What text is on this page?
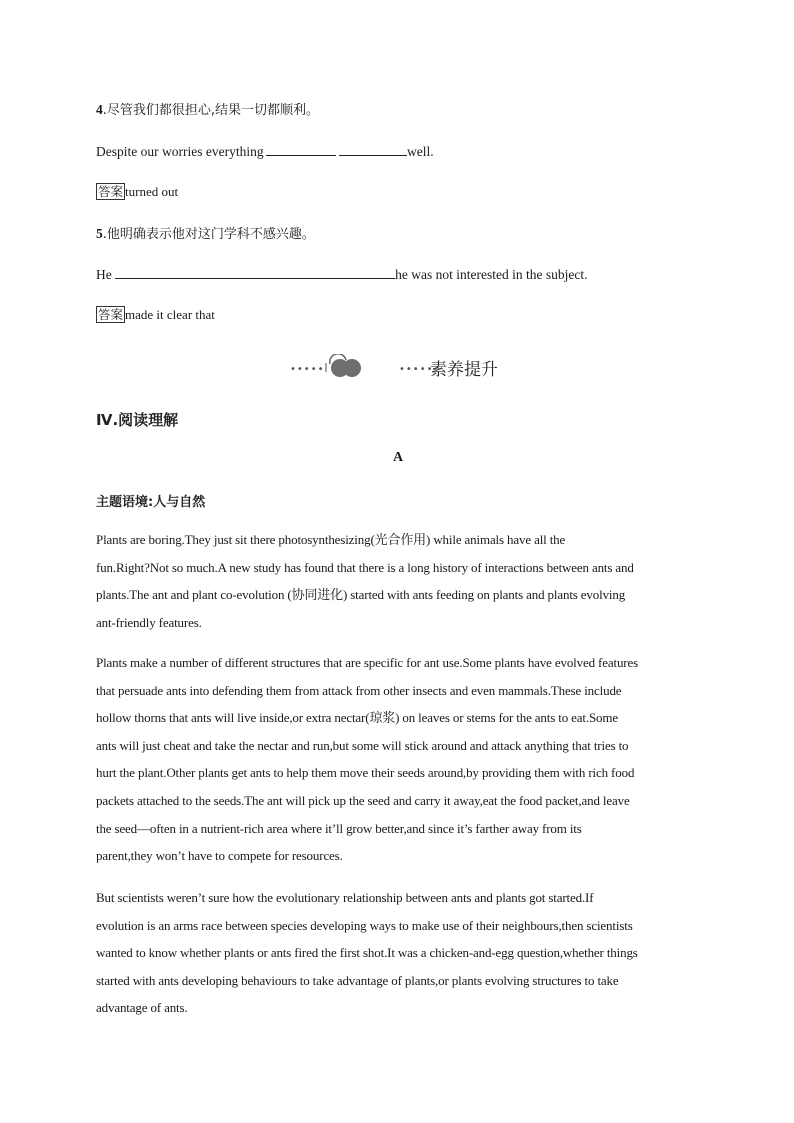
4.尽管我们都很担心,结果一切都顺利。
Despite our worries everything	well.
答案 turned out
5.他明确表示他对这门学科不感兴趣。
He	he was not interested in the subject.
答案 made it clear that
•••••	•••••
素养提升
Ⅳ.阅读理解
A
主题语境:人与自然
Plants are boring.They just sit there photosynthesizing(光合作用) while animals have all the
fun.Right?Not so much.A new study has found that there is a long history of interactions between ants and
plants.The ant and plant co-evolution (协同进化) started with ants feeding on plants and plants evolving
ant-friendly features.
Plants make a number of different structures that are specific for ant use.Some plants have evolved features
that persuade ants into defending them from attack from other insects and even mammals.These include
hollow thorns that ants will live inside,or extra nectar(琼浆) on leaves or stems for the ants to eat.Some
ants will just cheat and take the nectar and run,but some will stick around and attack anything that tries to
hurt the plant.Other plants get ants to help them move their seeds around,by providing them with rich food
packets attached to the seeds.The ant will pick up the seed and carry it away,eat the food packet,and leave
the seed—often in a nutrient-rich area where it’ll grow better,and since it’s farther away from its
parent,they won’t have to compete for resources.
But scientists weren’t sure how the evolutionary relationship between ants and plants got started.If
evolution is an arms race between species developing ways to make use of their neighbours,then scientists
wanted to know whether plants or ants fired the first shot.It was a chicken-and-egg question,whether things
started with ants developing behaviours to take advantage of plants,or plants evolving structures to take
advantage of ants.
